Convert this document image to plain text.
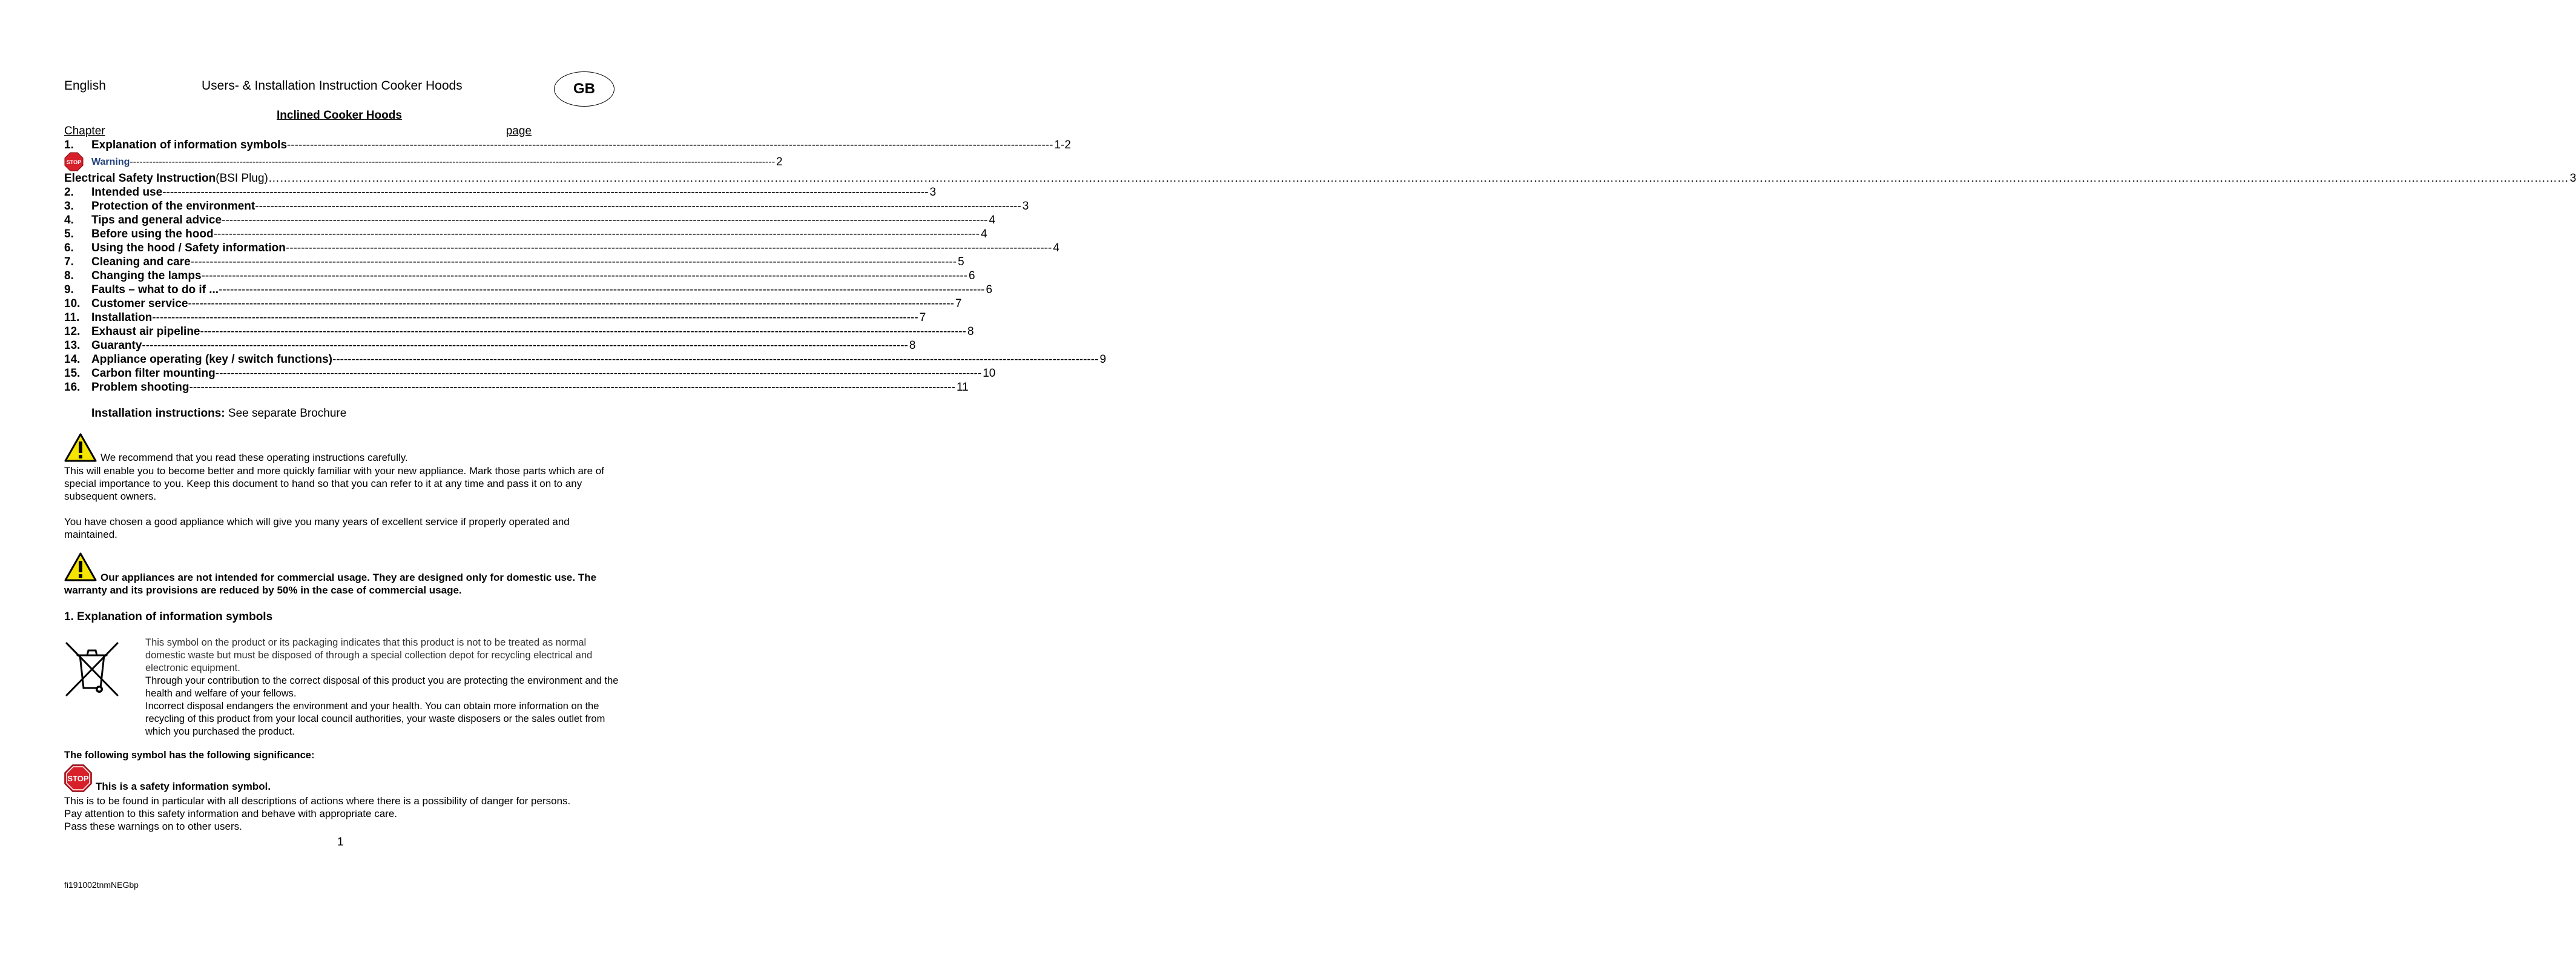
English	Users- & Installation Instruction Cooker Hoods	GB
Inclined Cooker Hoods
Chapter	page
1.	Explanation of information symbols -------------------------------------------------------------------------------------------------------------------------------------------------------------------------------------------------------- 1-2
STOP Warning -------------------------------------------------------------------------------------------------------------------------------------------------------------------------------------------------------- 2
Electrical Safety Instruction (BSI Plug) …………………………………………………………………………………………………………………………………………………………………………………………………………………………………………………………………………………………………………………………………………………………………………………………………………………………………………………………………………………………………………………………………………………… 3
2.	Intended use -------------------------------------------------------------------------------------------------------------------------------------------------------------------------------------------------------- 3
3.	Protection of the environment -------------------------------------------------------------------------------------------------------------------------------------------------------------------------------------------------------- 3
4.	Tips and general advice -------------------------------------------------------------------------------------------------------------------------------------------------------------------------------------------------------- 4
5.	Before using the hood -------------------------------------------------------------------------------------------------------------------------------------------------------------------------------------------------------- 4
6.	Using the hood / Safety information -------------------------------------------------------------------------------------------------------------------------------------------------------------------------------------------------------- 4
7.	Cleaning and care -------------------------------------------------------------------------------------------------------------------------------------------------------------------------------------------------------- 5
8.	Changing the lamps -------------------------------------------------------------------------------------------------------------------------------------------------------------------------------------------------------- 6
9.	Faults – what to do if ... -------------------------------------------------------------------------------------------------------------------------------------------------------------------------------------------------------- 6
10. Customer service -------------------------------------------------------------------------------------------------------------------------------------------------------------------------------------------------------- 7
11.	Installation -------------------------------------------------------------------------------------------------------------------------------------------------------------------------------------------------------- 7
12. Exhaust air pipeline -------------------------------------------------------------------------------------------------------------------------------------------------------------------------------------------------------- 8
13. Guaranty -------------------------------------------------------------------------------------------------------------------------------------------------------------------------------------------------------- 8
14. Appliance operating (key / switch functions) -------------------------------------------------------------------------------------------------------------------------------------------------------------------------------------------------------- 9
15. Carbon filter mounting -------------------------------------------------------------------------------------------------------------------------------------------------------------------------------------------------------- 10
16. Problem shooting -------------------------------------------------------------------------------------------------------------------------------------------------------------------------------------------------------- 11
Installation instructions: See separate Brochure
We recommend that you read these operating instructions carefully.
This will enable you to become better and more quickly familiar with your new appliance. Mark those parts which are of special importance to you. Keep this document to hand so that you can refer to it at any time and pass it on to any subsequent owners.
You have chosen a good appliance which will give you many years of excellent service if properly operated and maintained.
Our appliances are not intended for commercial usage. They are designed only for domestic use. The warranty and its provisions are reduced by 50% in the case of commercial usage.
1. Explanation of information symbols
This symbol on the product or its packaging indicates that this product is not to be treated as normal domestic waste but must be disposed of through a special collection depot for recycling electrical and electronic equipment.
Through your contribution to the correct disposal of this product you are protecting the environment and the health and welfare of your fellows.
Incorrect disposal endangers the environment and your health. You can obtain more information on the recycling of this product from your local council authorities, your waste disposers or the sales outlet from which you purchased the product.
The following symbol has the following significance:
STOP
This is a safety information symbol.
This is to be found in particular with all descriptions of actions where there is a possibility of danger for persons.
Pay attention to this safety information and behave with appropriate care.
Pass these warnings on to other users.
1
fi191002tnmNEGbp
